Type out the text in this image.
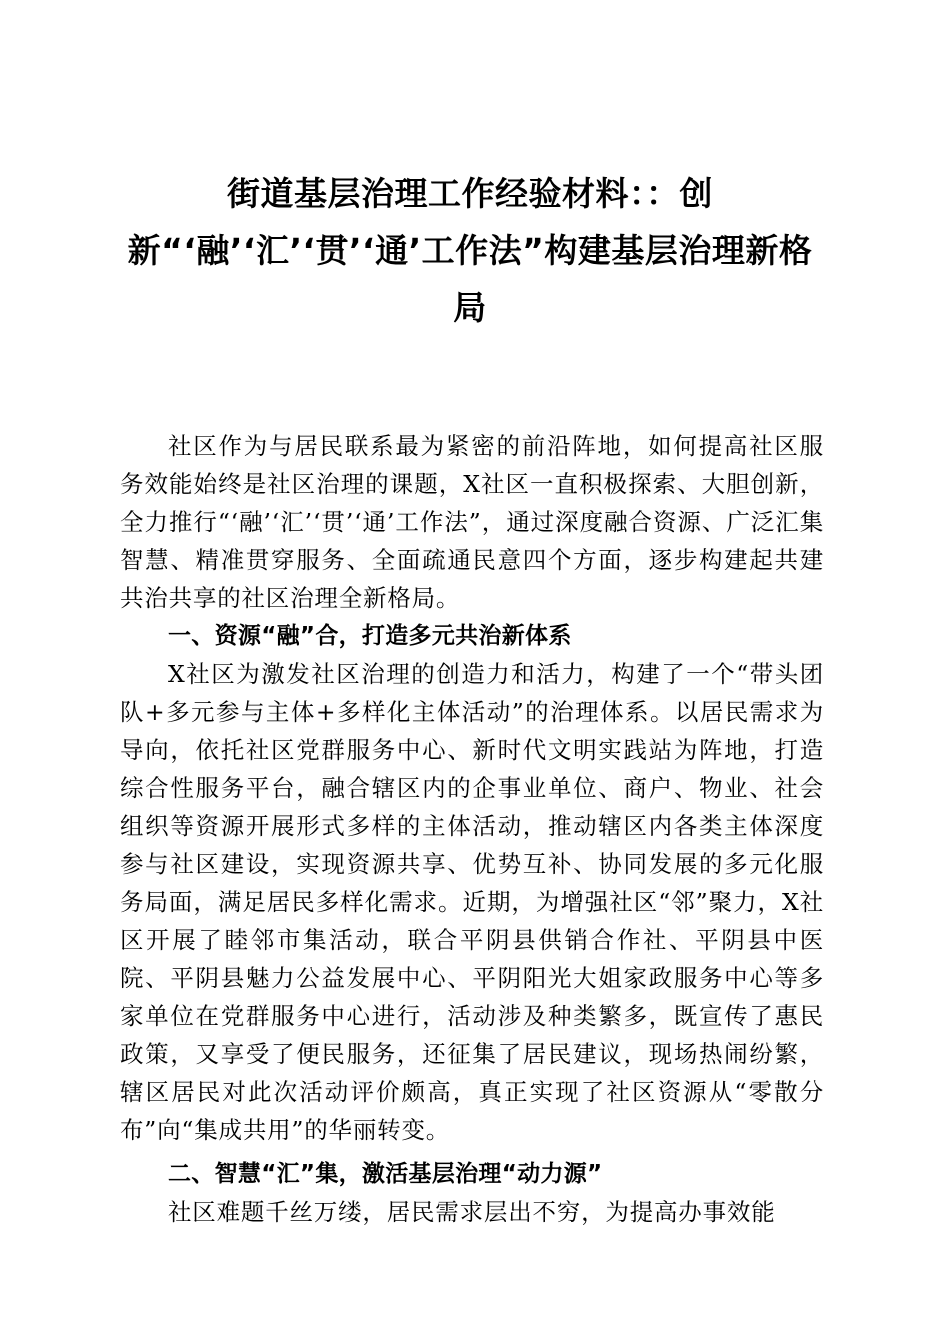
街道基层治理工作经验材料：：创新“‘融’‘汇’‘贯’‘通’工作法”构建基层治理新格局

社区作为与居民联系最为紧密的前沿阵地，如何提高社区服务效能始终是社区治理的课题，X社区一直积极探索、大胆创新，全力推行“‘融’‘汇’‘贯’‘通’工作法”，通过深度融合资源、广泛汇集智慧、精准贯穿服务、全面疏通民意四个方面，逐步构建起共建共治共享的社区治理全新格局。

一、资源“融”合，打造多元共治新体系

X社区为激发社区治理的创造力和活力，构建了一个“带头团队+多元参与主体+多样化主体活动”的治理体系。以居民需求为导向，依托社区党群服务中心、新时代文明实践站为阵地，打造综合性服务平台，融合辖区内的企事业单位、商户、物业、社会组织等资源开展形式多样的主体活动，推动辖区内各类主体深度参与社区建设，实现资源共享、优势互补、协同发展的多元化服务局面，满足居民多样化需求。近期，为增强社区“邻”聚力，X社区开展了睦邻市集活动，联合平阴县供销合作社、平阴县中医院、平阴县魅力公益发展中心、平阴阳光大姐家政服务中心等多家单位在党群服务中心进行，活动涉及种类繁多，既宣传了惠民政策，又享受了便民服务，还征集了居民建议，现场热闹纷繁，辖区居民对此次活动评价颇高，真正实现了社区资源从“零散分布”向“集成共用”的华丽转变。

二、智慧“汇”集，激活基层治理“动力源”

社区难题千丝万缕，居民需求层出不穷，为提高办事效能
